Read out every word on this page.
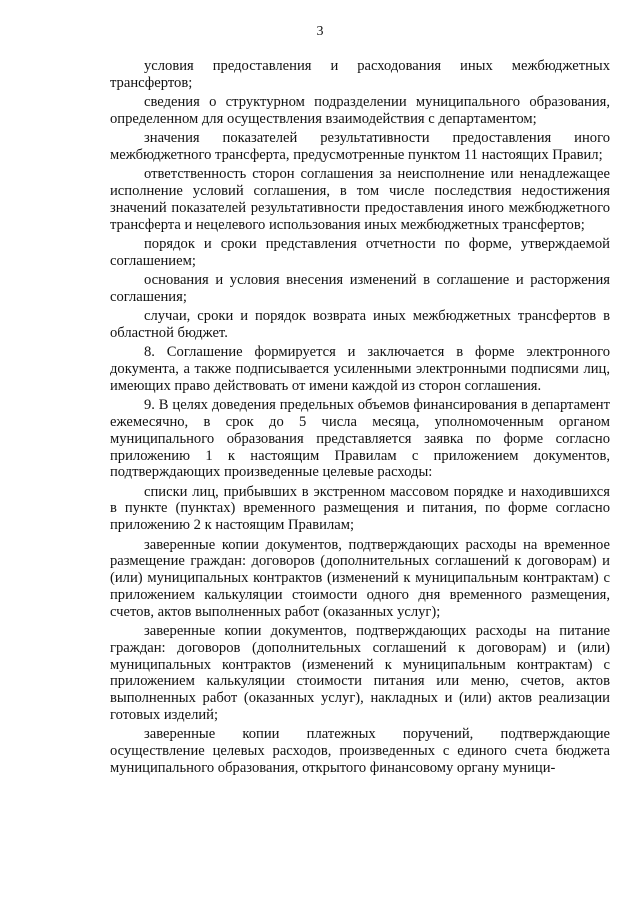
3

условия предоставления и расходования иных межбюджетных трансфертов;

сведения о структурном подразделении муниципального образования, определенном для осуществления взаимодействия с департаментом;

значения показателей результативности предоставления иного межбюджетного трансферта, предусмотренные пунктом 11 настоящих Правил;

ответственность сторон соглашения за неисполнение или ненадлежащее исполнение условий соглашения, в том числе последствия недостижения значений показателей результативности предоставления иного межбюджетного трансферта и нецелевого использования иных межбюджетных трансфертов;

порядок и сроки представления отчетности по форме, утверждаемой соглашением;

основания и условия внесения изменений в соглашение и расторжения соглашения;

случаи, сроки и порядок возврата иных межбюджетных трансфертов в областной бюджет.

8. Соглашение формируется и заключается в форме электронного документа, а также подписывается усиленными электронными подписями лиц, имеющих право действовать от имени каждой из сторон соглашения.

9. В целях доведения предельных объемов финансирования в департамент ежемесячно, в срок до 5 числа месяца, уполномоченным органом муниципального образования представляется заявка по форме согласно приложению 1 к настоящим Правилам с приложением документов, подтверждающих произведенные целевые расходы:

списки лиц, прибывших в экстренном массовом порядке и находившихся в пункте (пунктах) временного размещения и питания, по форме согласно приложению 2 к настоящим Правилам;

заверенные копии документов, подтверждающих расходы на временное размещение граждан: договоров (дополнительных соглашений к договорам) и (или) муниципальных контрактов (изменений к муниципальным контрактам) с приложением калькуляции стоимости одного дня временного размещения, счетов, актов выполненных работ (оказанных услуг);

заверенные копии документов, подтверждающих расходы на питание граждан: договоров (дополнительных соглашений к договорам) и (или) муниципальных контрактов (изменений к муниципальным контрактам) с приложением калькуляции стоимости питания или меню, счетов, актов выполненных работ (оказанных услуг), накладных и (или) актов реализации готовых изделий;

заверенные копии платежных поручений, подтверждающие осуществление целевых расходов, произведенных с единого счета бюджета муниципального образования, открытого финансовому органу муници-
